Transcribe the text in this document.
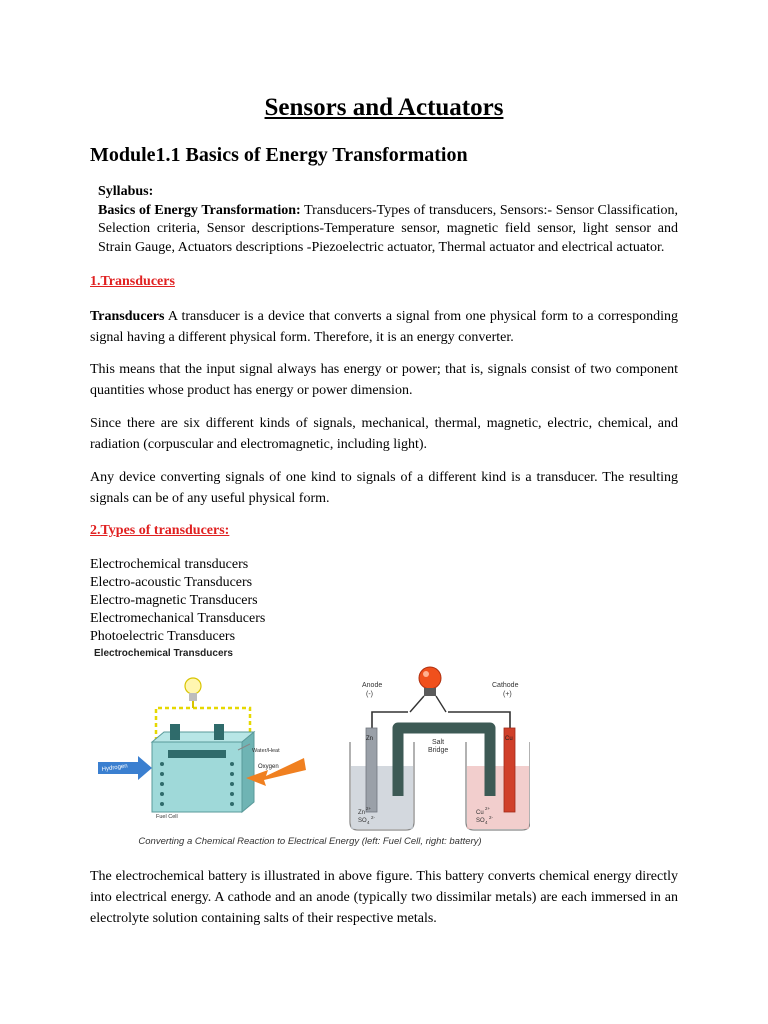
Sensors and Actuators
Module1.1 Basics of Energy Transformation
Syllabus:
Basics of Energy Transformation: Transducers-Types of transducers, Sensors:- Sensor Classification, Selection criteria, Sensor descriptions-Temperature sensor, magnetic field sensor, light sensor and Strain Gauge, Actuators descriptions -Piezoelectric actuator, Thermal actuator and electrical actuator.
1.Transducers
Transducers A transducer is a device that converts a signal from one physical form to a corresponding signal having a different physical form. Therefore, it is an energy converter.
This means that the input signal always has energy or power; that is, signals consist of two component quantities whose product has energy or power dimension.
Since there are six different kinds of signals, mechanical, thermal, magnetic, electric, chemical, and radiation (corpuscular and electromagnetic, including light).
Any device converting signals of one kind to signals of a different kind is a transducer. The resulting signals can be of any useful physical form.
2.Types of transducers:
Electrochemical transducers
Electro-acoustic Transducers
Electro-magnetic Transducers
Electromechanical Transducers
Photoelectric Transducers
Electrochemical Transducers
Hydrogen	Oxygen
Water/Heat
Fuel Cell
Anode
(-)
Cathode
(+)
Salt
Bridge
Zn	Cu
Zn
2+
SO 4
2-
Cu
2+
SO 4
2-
Converting a Chemical Reaction to Electrical Energy (left: Fuel Cell, right: battery)
The electrochemical battery is illustrated in above figure. This battery converts chemical energy directly into electrical energy. A cathode and an anode (typically two dissimilar metals) are each immersed in an electrolyte solution containing salts of their respective metals.
